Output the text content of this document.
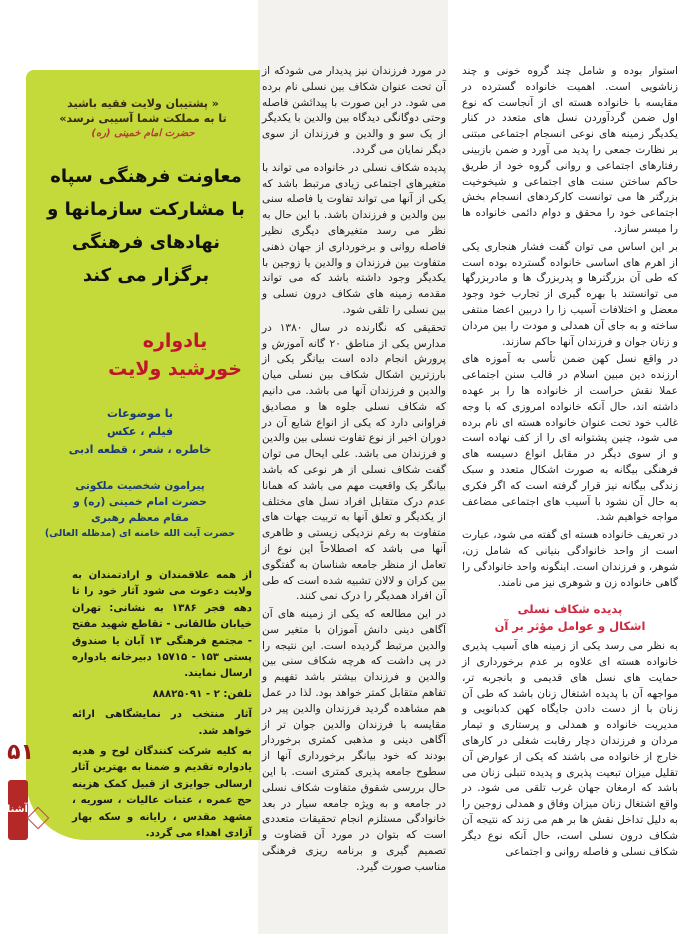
استوار بوده و شامل چند گروه خونی و چند زناشویی است. اهمیت خانواده گسترده در مقایسه با خانواده هسته ای از آنجاست که نوع اول ضمن گردآوردن نسل های متعدد در کنار یکدیگر زمینه های نوعی انسجام اجتماعی مبتنی بر نظارت جمعی را پدید می آورد و ضمن بازبینی رفتارهای اجتماعی و روانی گروه خود از طریق حاکم ساختن سنت های اجتماعی و شیخوخیت بزرگتر ها می توانست کارکردهای انسجام بخش اجتماعی خود را محقق و دوام دائمی خانواده ها را میسر سازد.

بر این اساس می توان گفت فشار هنجاری یکی از اهرم های اساسی خانواده گسترده بوده است که طی آن بزرگترها و پدربزرگ ها و مادربزرگها می توانستند با بهره گیری از تجارب خود وجود معضل و اختلافات آسیب زا را دربین اعضا منتفی ساخته و به جای آن همدلی و مودت را بین مردان و زنان جوان و فرزندان آنها حاکم سازند.

در واقع نسل کهن ضمن تأسی به آموزه های ارزنده دین مبین اسلام در قالب سنن اجتماعی عملا نقش حراست از خانواده ها را بر عهده داشته اند، حال آنکه خانواده امروزی که با وجه غالب خود تحت عنوان خانواده هسته ای نام برده می شود، چنین پشتوانه ای را از کف نهاده است و از سوی دیگر در مقابل انواع دسیسه های فرهنگی بیگانه به صورت اشکال متعدد و سبک زندگی بیگانه نیز قرار گرفته است که اگر فکری به حال آن نشود با آسیب های اجتماعی مضاعف مواجه خواهیم شد.

در تعریف خانواده هسته ای گفته می شود، عبارت است از واحد خانوادگی بنیانی که شامل زن، شوهر، و فرزندان است. اینگونه واحد خانوادگی را گاهی خانواده زن و شوهری نیز می نامند.

پدیده شکاف نسلی
اشکال و عوامل مؤثر بر آن

به نظر می رسد یکی از زمینه های آسیب پذیری خانواده هسته ای علاوه بر عدم برخورداری از حمایت های نسل های قدیمی و بانجربه تر، مواجهه آن با پدیده اشتغال زنان باشد که طی آن زنان با از دست دادن جایگاه کهن کدبانویی و مدیریت خانواده و همدلی و پرستاری و تیمار مردان و فرزندان دچار رقابت شغلی در کارهای خارج از خانواده می باشند که یکی از عوارض آن تقلیل میزان تبعیت پذیری و پدیده تنبلی زنان می باشد که ارمغان جهان غرب تلقی می شود. در واقع اشتغال زنان میزان وفاق و همدلی زوجین را به دلیل تداخل نقش ها بر هم می زند که نتیجه آن شکاف درون نسلی است، حال آنکه نوع دیگر شکاف نسلی و فاصله روانی و اجتماعی

در مورد فرزندان نیز پدیدار می شودکه از آن تحت عنوان شکاف بین نسلی نام برده می شود. در این صورت با پیدائشن فاصله وحتی دوگانگی دیدگاه بین والدین با یکدیگر از یک سو و والدین و فرزندان از سوی دیگر نمایان می گردد.

پدیده شکاف نسلی در خانواده می تواند با متغیرهای اجتماعی زیادی مرتبط باشد که یکی از آنها می تواند تفاوت یا فاصله سنی بین والدین و فرزندان باشد. با این حال به نظر می رسد متغیرهای دیگری نظیر فاصله روانی و برخورداری از جهان ذهنی متفاوت بین فرزندان و والدین یا زوجین با یکدیگر وجود داشته باشد که می تواند مقدمه زمینه های شکاف درون نسلی و بین نسلی را تلقی شود.

تحقیقی که نگارنده در سال ۱۳۸۰ در مدارس یکی از مناطق ۲۰ گانه آموزش و پرورش انجام داده است بیانگر یکی از بارزترین اشکال شکاف بین نسلی میان والدین و فرزندان آنها می باشد. می دانیم که شکاف نسلی جلوه ها و مصادیق فراوانی دارد که یکی از انواع شایع آن در دوران اخیر از نوع تفاوت نسلی بین والدین و فرزندان می باشد. علی ایحال می توان گفت شکاف نسلی از هر نوعی که باشد بیانگر یک واقعیت مهم می باشد که همانا عدم درک متقابل افراد نسل های مختلف از یکدیگر و تعلق آنها به تربیت جهات های متفاوت به رغم نزدیکی زیستی و ظاهری آنها می باشد که اصطلاحاً این نوع از تعامل از منظر جامعه شناسان به گفتگوی بین کران و لالان تشبیه شده است که طی آن افراد همدیگر را درک نمی کنند.

در این مطالعه که یکی از زمینه های آن آگاهی دینی دانش آموزان با متغیر سن والدین مرتبط گردیده است. این نتیجه را در پی داشت که هرچه شکاف سنی بین والدین و فرزندان بیشتر باشد تفهیم و تفاهم متقابل کمتر خواهد بود. لذا در عمل هم مشاهده گردید فرزندان والدین پیر در مقایسه با فرزندان والدین جوان تر از آگاهی دینی و مذهبی کمتری برخوردار بودند که خود بیانگر برخورداری آنها از سطوح جامعه پذیری کمتری است. با این حال بررسی شقوق متفاوت شکاف نسلی در جامعه و به ویژه جامعه سیار در بعد خانوادگی مستلزم انجام تحقیقات متعددی است که بتوان در مورد آن قضاوت و تصمیم گیری و برنامه ریزی فرهنگی مناسب صورت گیرد.

« پشتیبان ولایت فقیه باشید
تا به مملکت شما آسیبی نرسد»
حضرت امام خمینی (ره)
معاونت فرهنگی سپاه
با مشارکت سازمانها و
نهادهای فرهنگی
برگزار می کند
یادواره
خورشید ولایت
با موضوعات
فیلم ، عکس
خاطره ، شعر ، قطعه ادبی
پیرامون شخصیت ملکوتی
حضرت امام خمینی (ره) و
مقام معظم رهبری
حضرت آیت الله خامنه ای (مدظله العالی)

از همه علاقمندان و ارادتمندان به ولایت دعوت می شود آثار خود را تا دهه فجر ۱۳۸۶ به نشانی: تهران خیابان طالقانی - تقاطع شهید مفتح - مجتمع فرهنگی ۱۳ آبان یا صندوق پستی ۱۵۳ - ۱۵۷۱۵ دبیرخانه یادواره ارسال نمایند.

تلفن: ۲ - ۸۸۸۲۵۰۹۱

آثار منتخب در نمایشگاهی ارائه خواهد شد.

به کلیه شرکت کنندگان لوح و هدیه یادواره تقدیم و ضمنا به بهترین آثار ارسالی جوایزی از قبیل کمک هزینه حج عمره ، عتبات عالیات ، سوریه ، مشهد مقدس ، رایانه و سکه بهار آزادی اهداء می گردد.

۵۱
آشنا
